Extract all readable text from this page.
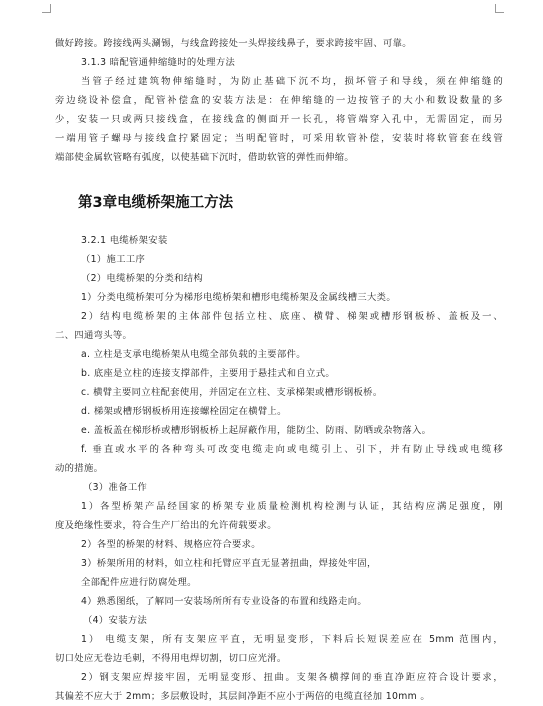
做好跨接。跨接线两头涮锡，与线盒跨接处一头焊接线鼻子，要求跨接牢固、可靠。
3.1.3 暗配管通伸缩缝时的处理方法
当管子经过建筑物伸缩缝时，为防止基础下沉不均，损坏管子和导线，须在伸缩缝的
旁边绕设补偿盒，配管补偿盒的安装方法是：在伸缩缝的一边按管子的大小和数设数量的多
少，安装一只或两只接线盒，在接线盒的侧面开一长孔，将管端穿入孔中，无需固定，而另
一端用管子螺母与接线盒拧紧固定；当明配管时，可采用软管补偿，安装时将软管套在线管
端部使金属软管略有弧度，以使基础下沉时，借助软管的弹性而伸缩。
第3章电缆桥架施工方法
3.2.1 电缆桥架安装
（1）施工工序
（2）电缆桥架的分类和结构
1）分类电缆桥架可分为梯形电缆桥架和槽形电缆桥架及金属线槽三大类。
2）结构电缆桥架的主体部件包括立柱、底座、横臂、梯架或槽形钢板桥、盖板及一、
二、四通弯头等。
a. 立柱是支承电缆桥架从电缆全部负载的主要部件。
b. 底座是立柱的连接支撑部件，主要用于悬挂式和自立式。
c. 横臂主要同立柱配套使用，并固定在立柱、支承梯架或槽形钢板桥。
d. 梯架或槽形钢板桥用连接螺栓固定在横臂上。
e. 盖板盖在梯形桥或槽形钢板桥上起屏蔽作用，能防尘、防雨、防晒或杂物落入。
f. 垂直或水平的各种弯头可改变电缆走向或电缆引上、引下，并有防止导线或电缆移
动的措施。
（3）准备工作
1）各型桥架产品经国家的桥架专业质量检测机构检测与认证，其结构应满足强度，刚
度及绝缘性要求，符合生产厂给出的允许荷载要求。
2）各型的桥架的材料、规格应符合要求。
3）桥架所用的材料，如立柱和托臂应平直无显著扭曲，焊接处牢固，
全部配件应进行防腐处理。
4）熟悉图纸，了解同一安装场所所有专业设备的布置和线路走向。
（4）安装方法
1） 电缆支架，所有支架应平直，无明显变形，下料后长短误差应在 5mm 范围内，
切口处应无卷边毛刺，不得用电焊切割，切口应光滑。
2）钢支架应焊接牢固，无明显变形、扭曲。支架各横撑间的垂直净距应符合设计要求，
其偏差不应大于 2mm；多层敷设时，其层间净距不应小于两倍的电缆直径加 10mm 。
